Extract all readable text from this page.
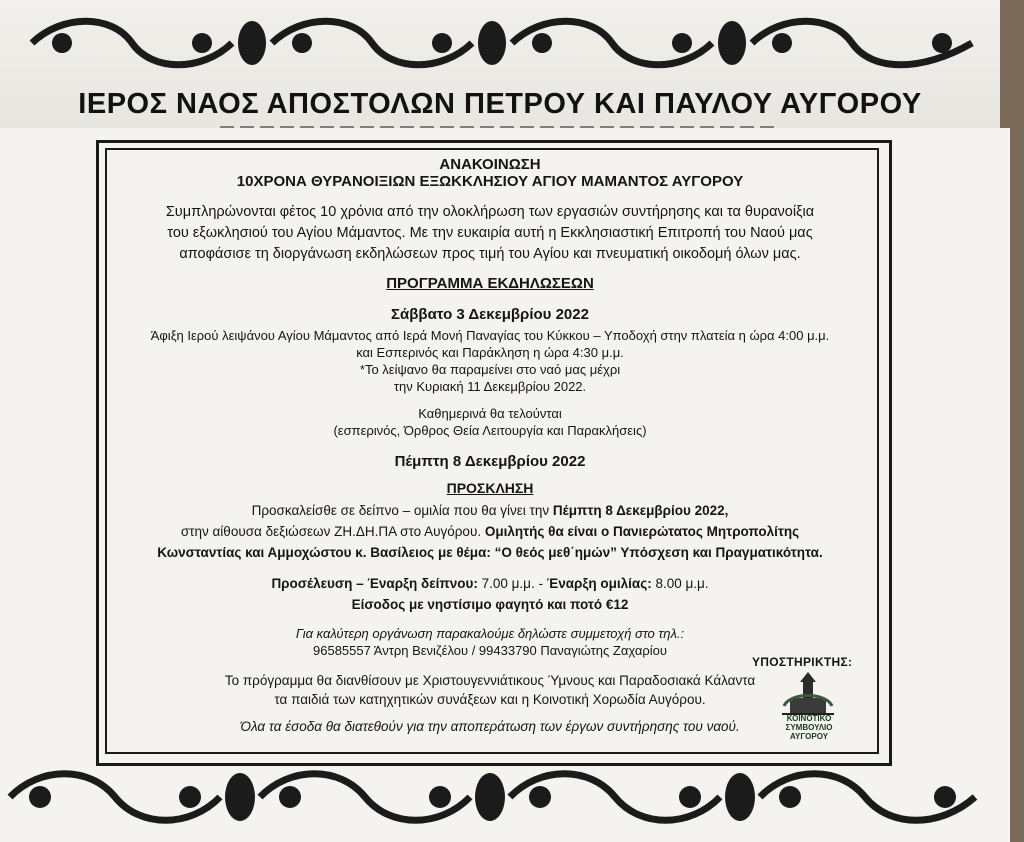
ΙΕΡΟΣ ΝΑΟΣ ΑΠΟΣΤΟΛΩΝ ΠΕΤΡΟΥ ΚΑΙ ΠΑΥΛΟΥ ΑΥΓΟΡΟΥ

ΑΝΑΚΟΙΝΩΣΗ

10ΧΡΟΝΑ ΘΥΡΑΝΟΙΞΙΩΝ ΕΞΩΚΚΛΗΣΙΟΥ ΑΓΙΟΥ ΜΑΜΑΝΤΟΣ ΑΥΓΟΡΟΥ

Συμπληρώνονται φέτος 10 χρόνια από την ολοκλήρωση των εργασιών συντήρησης και τα θυρανοίξια

του εξωκλησιού του Αγίου Μάμαντος. Με την ευκαιρία αυτή η Εκκλησιαστική Επιτροπή του Ναού μας

αποφάσισε τη διοργάνωση εκδηλώσεων προς τιμή του Αγίου και πνευματική οικοδομή όλων μας.

ΠΡΟΓΡΑΜΜΑ ΕΚΔΗΛΩΣΕΩΝ

Σάββατο 3 Δεκεμβρίου 2022

Άφιξη Ιερού λειψάνου Αγίου Μάμαντος από Ιερά Μονή Παναγίας του Κύκκου – Υποδοχή στην πλατεία η ώρα 4:00 μ.μ.

και Εσπερινός και Παράκληση η ώρα 4:30 μ.μ.

*Το λείψανο θα παραμείνει στο ναό μας μέχρι

την Κυριακή 11 Δεκεμβρίου 2022.

Καθημερινά θα τελούνται

(εσπερινός, Όρθρος Θεία Λειτουργία και Παρακλήσεις)

Πέμπτη 8 Δεκεμβρίου 2022

ΠΡΟΣΚΛΗΣΗ

Προσκαλείσθε σε δείπνο – ομιλία που θα γίνει την Πέμπτη 8 Δεκεμβρίου 2022,

στην αίθουσα δεξιώσεων ΖΗ.ΔΗ.ΠΑ στο Αυγόρου. Ομιλητής θα είναι ο Πανιερώτατος Μητροπολίτης

Κωνσταντίας και Αμμοχώστου κ. Βασίλειος με θέμα: “Ο θεός μεθ΄ημών” Υπόσχεση και Πραγματικότητα.

Προσέλευση – Έναρξη δείπνου: 7.00 μ.μ. - Έναρξη ομιλίας: 8.00 μ.μ.

Είσοδος με νηστίσιμο φαγητό και ποτό €12

Για καλύτερη οργάνωση παρακαλούμε δηλώστε συμμετοχή στο τηλ.:

96585557 Άντρη Βενιζέλου / 99433790 Παναγιώτης Ζαχαρίου

Το πρόγραμμα θα διανθίσουν με Χριστουγεννιάτικους Ύμνους και Παραδοσιακά Κάλαντα

τα παιδιά των κατηχητικών συνάξεων και η Κοινοτική Χορωδία Αυγόρου.

Όλα τα έσοδα θα διατεθούν για την αποπεράτωση των έργων συντήρησης του ναού.

ΥΠΟΣΤΗΡΙΚΤΗΣ:
ΚΟΙΝΟΤΙΚΟ
ΣΥΜΒΟΥΛΙΟ
ΑΥΓΟΡΟΥ
